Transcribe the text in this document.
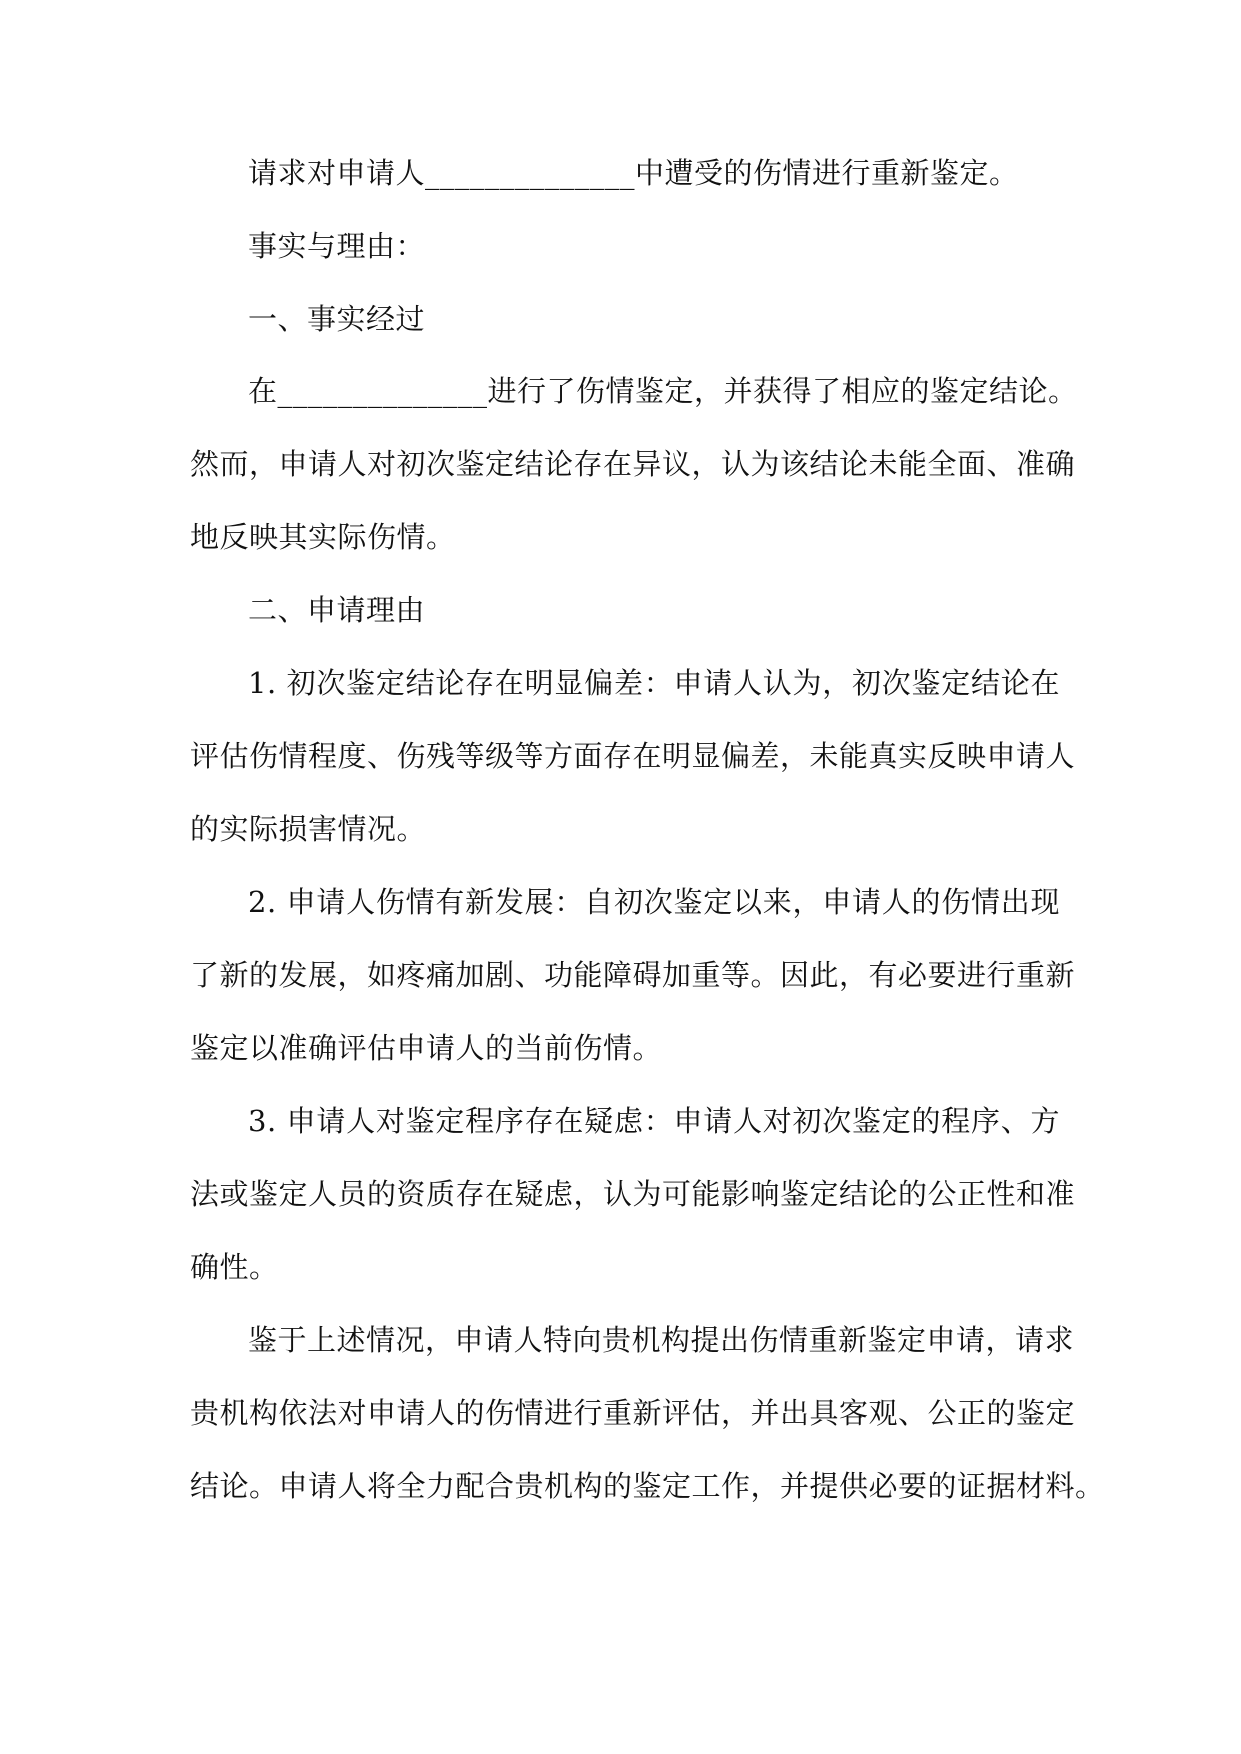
请求对申请人______________中遭受的伤情进行重新鉴定。
事实与理由：
一、事实经过
在______________进行了伤情鉴定，并获得了相应的鉴定结论。
然而，申请人对初次鉴定结论存在异议，认为该结论未能全面、准确
地反映其实际伤情。
二、申请理由
1. 初次鉴定结论存在明显偏差：申请人认为，初次鉴定结论在
评估伤情程度、伤残等级等方面存在明显偏差，未能真实反映申请人
的实际损害情况。
2. 申请人伤情有新发展：自初次鉴定以来，申请人的伤情出现
了新的发展，如疼痛加剧、功能障碍加重等。因此，有必要进行重新
鉴定以准确评估申请人的当前伤情。
3. 申请人对鉴定程序存在疑虑：申请人对初次鉴定的程序、方
法或鉴定人员的资质存在疑虑，认为可能影响鉴定结论的公正性和准
确性。
鉴于上述情况，申请人特向贵机构提出伤情重新鉴定申请，请求
贵机构依法对申请人的伤情进行重新评估，并出具客观、公正的鉴定
结论。申请人将全力配合贵机构的鉴定工作，并提供必要的证据材料。
